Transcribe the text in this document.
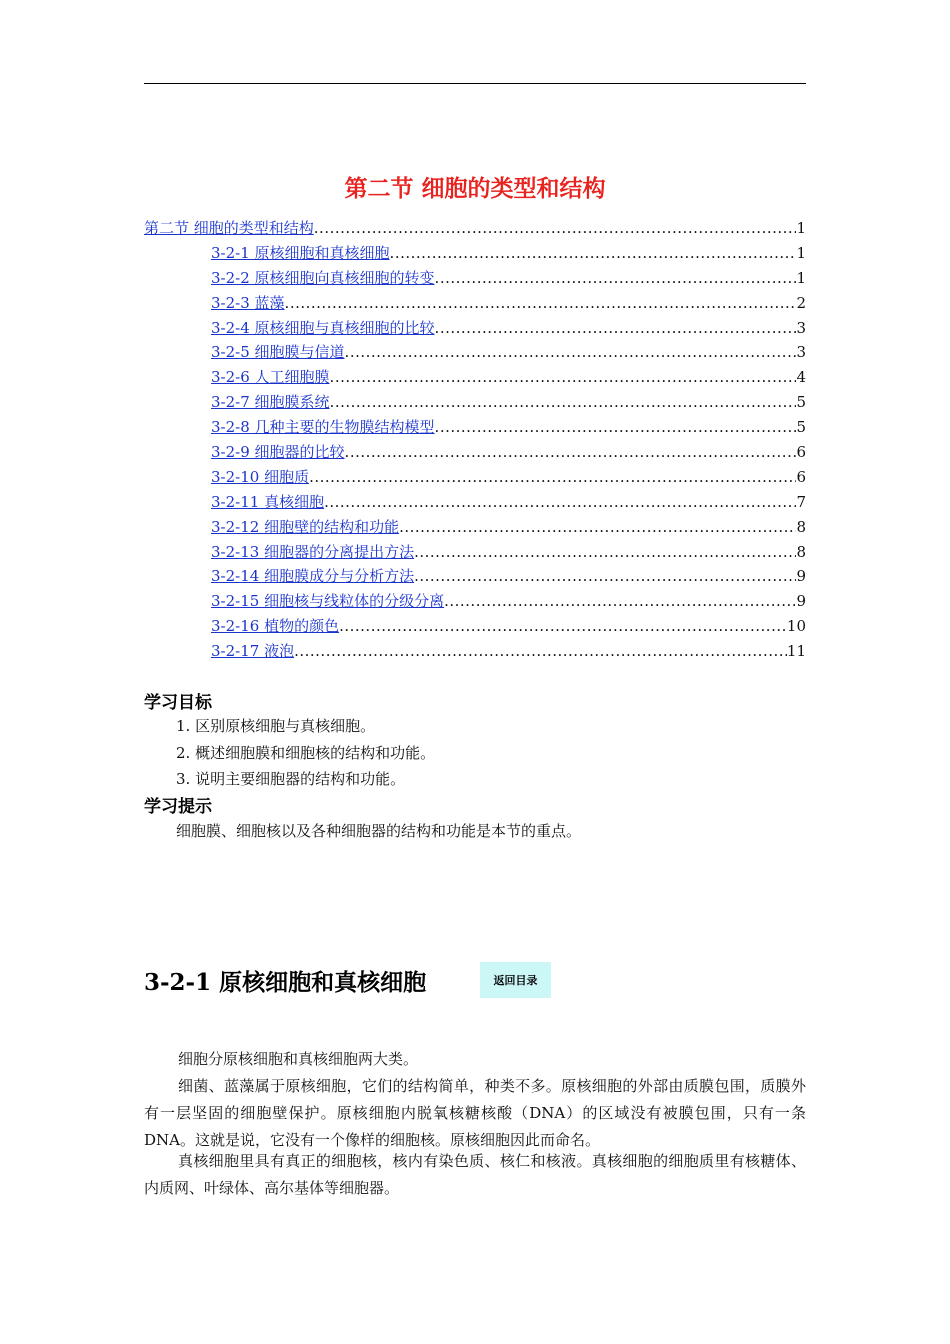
第二节 细胞的类型和结构
第二节 细胞的类型和结构 .....	1
3-2-1 原核细胞和真核细胞 .....	1
3-2-2 原核细胞向真核细胞的转变 .....	1
3-2-3 蓝藻 .....	2
3-2-4 原核细胞与真核细胞的比较 .....	3
3-2-5 细胞膜与信道 .....	3
3-2-6 人工细胞膜 .....	4
3-2-7 细胞膜系统 .....	5
3-2-8 几种主要的生物膜结构模型 .....	5
3-2-9 细胞器的比较 .....	6
3-2-10 细胞质 .....	6
3-2-11 真核细胞 .....	7
3-2-12 细胞壁的结构和功能 .....	8
3-2-13 细胞器的分离提出方法 .....	8
3-2-14 细胞膜成分与分析方法 .....	9
3-2-15 细胞核与线粒体的分级分离 .....	9
3-2-16 植物的颜色 .....	10
3-2-17 液泡 .....	11
学习目标
1. 区别原核细胞与真核细胞。
2. 概述细胞膜和细胞核的结构和功能。
3. 说明主要细胞器的结构和功能。
学习提示

细胞膜、细胞核以及各种细胞器的结构和功能是本节的重点。

3-2-1 原核细胞和真核细胞	返回目录

细胞分原核细胞和真核细胞两大类。

细菌、蓝藻属于原核细胞，它们的结构简单，种类不多。原核细胞的外部由质膜包围，质膜外有一层坚固的细胞壁保护。原核细胞内脱氧核糖核酸（DNA）的区域没有被膜包围，只有一条 DNA。这就是说，它没有一个像样的细胞核。原核细胞因此而命名。

真核细胞里具有真正的细胞核，核内有染色质、核仁和核液。真核细胞的细胞质里有核糖体、内质网、叶绿体、高尔基体等细胞器。
